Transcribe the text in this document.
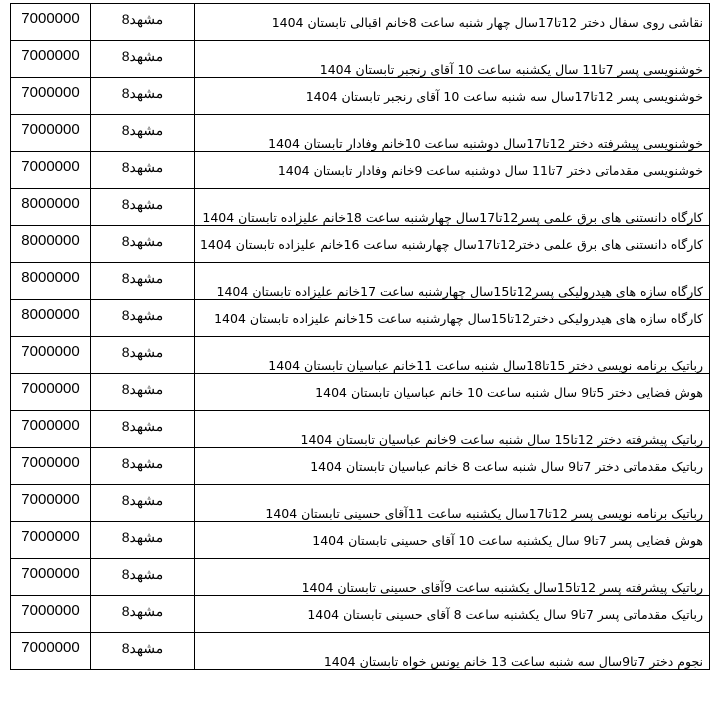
7000000	مشهد8	نقاشی روی سفال دختر 12تا17سال چهار شنبه ساعت 8خانم اقبالی تابستان 1404

7000000	مشهد8	خوشنویسی پسر 7تا11 سال یکشنبه ساعت 10 آقای رنجبر تابستان 1404

7000000	مشهد8	خوشنویسی پسر 12تا17سال سه شنبه ساعت 10 آقای رنجبر تابستان 1404

7000000	مشهد8	خوشنویسی پیشرفته دختر 12تا17سال دوشنبه ساعت 10خانم وفادار تابستان 1404

7000000	مشهد8	خوشنویسی مقدماتی دختر 7تا11 سال دوشنبه ساعت 9خانم وفادار تابستان 1404

8000000	مشهد8	کارگاه دانستنی های برق علمی پسر12تا17سال چهارشنبه ساعت 18خانم علیزاده تابستان 1404

8000000	مشهد8	کارگاه دانستنی های برق علمی دختر12تا17سال چهارشنبه ساعت 16خانم علیزاده تابستان 1404

8000000	مشهد8	کارگاه سازه های هیدرولیکی پسر12تا15سال چهارشنبه ساعت 17خانم علیزاده تابستان 1404

8000000	مشهد8	کارگاه سازه های هیدرولیکی دختر12تا15سال چهارشنبه ساعت 15خانم علیزاده تابستان 1404

7000000	مشهد8	رباتیک برنامه نویسی دختر 15تا18سال شنبه ساعت 11خانم عباسیان تابستان 1404

7000000	مشهد8	هوش فضایی دختر 5تا9 سال شنبه ساعت 10 خانم عباسیان تابستان 1404

7000000	مشهد8	رباتیک پیشرفته دختر 12تا15 سال شنبه ساعت 9خانم عباسیان تابستان 1404

7000000	مشهد8	رباتیک مقدماتی دختر 7تا9 سال شنبه ساعت 8 خانم عباسیان تابستان 1404

7000000	مشهد8	رباتیک برنامه نویسی پسر 12تا17سال یکشنبه ساعت 11آقای حسینی تابستان 1404

7000000	مشهد8	هوش فضایی پسر 7تا9 سال یکشنبه ساعت 10 آقای حسینی تابستان 1404

7000000	مشهد8	رباتیک پیشرفته پسر 12تا15سال یکشنبه ساعت 9آقای حسینی تابستان 1404

7000000	مشهد8	رباتیک مقدماتی پسر 7تا9 سال یکشنبه ساعت 8 آقای حسینی تابستان 1404

7000000	مشهد8	نجوم دختر 7تا9سال سه شنبه ساعت 13 خانم یونس خواه تابستان 1404
